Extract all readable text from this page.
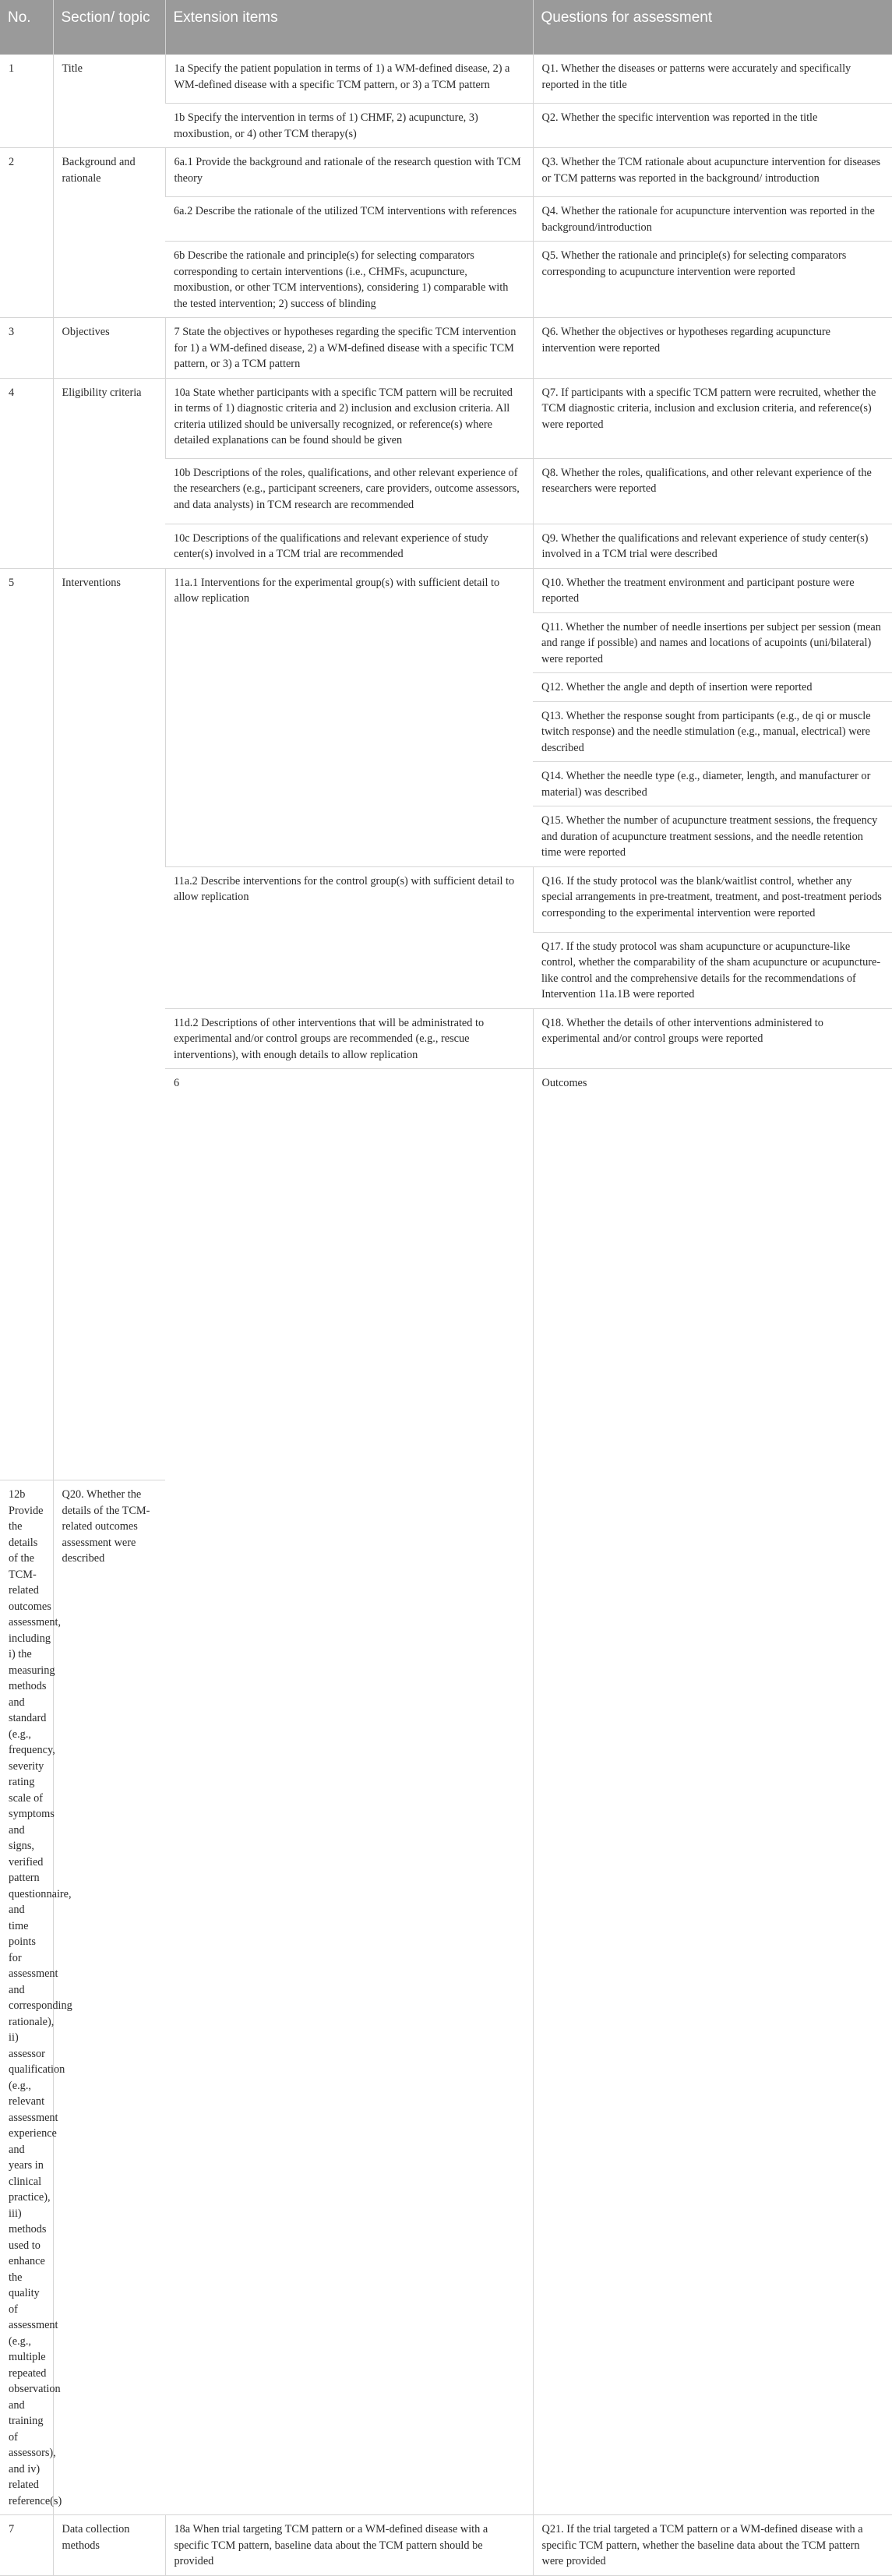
No.	Section/ topic	Extension items	Questions for assessment	
1	Title	1a Specify the patient population in terms of 1) a WM-defined disease, 2) a WM-defined disease with a specific TCM pattern, or 3) a TCM pattern	Q1. Whether the diseases or patterns were accurately and specifically reported in the title	
		1b Specify the intervention in terms of 1) CHMF, 2) acupuncture, 3) moxibustion, or 4) other TCM therapy(s)	Q2. Whether the specific intervention was reported in the title	
2	Background and rationale	6a.1 Provide the background and rationale of the research question with TCM theory	Q3. Whether the TCM rationale about acupuncture intervention for diseases or TCM patterns was reported in the background/ introduction	
		6a.2 Describe the rationale of the utilized TCM interventions with references	Q4. Whether the rationale for acupuncture intervention was reported in the background/introduction	
		6b Describe the rationale and principle(s) for selecting comparators corresponding to certain interventions (i.e., CHMFs, acupuncture, moxibustion, or other TCM interventions), considering 1) comparable with the tested intervention; 2) success of blinding	Q5. Whether the rationale and principle(s) for selecting comparators corresponding to acupuncture intervention were reported	
3	Objectives	7 State the objectives or hypotheses regarding the specific TCM intervention for 1) a WM-defined disease, 2) a WM-defined disease with a specific TCM pattern, or 3) a TCM pattern	Q6. Whether the objectives or hypotheses regarding acupuncture intervention were reported	
4	Eligibility criteria	10a State whether participants with a specific TCM pattern will be recruited in terms of 1) diagnostic criteria and 2) inclusion and exclusion criteria. All criteria utilized should be universally recognized, or reference(s) where detailed explanations can be found should be given	Q7. If participants with a specific TCM pattern were recruited, whether the TCM diagnostic criteria, inclusion and exclusion criteria, and reference(s) were reported	
		10b Descriptions of the roles, qualifications, and other relevant experience of the researchers (e.g., participant screeners, care providers, outcome assessors, and data analysts) in TCM research are recommended	Q8. Whether the roles, qualifications, and other relevant experience of the researchers were reported	
		10c Descriptions of the qualifications and relevant experience of study center(s) involved in a TCM trial are recommended	Q9. Whether the qualifications and relevant experience of study center(s) involved in a TCM trial were described	
5	Interventions	11a.1 Interventions for the experimental group(s) with sufficient detail to allow replication	Q10. Whether the treatment environment and participant posture were reported	
			Q11. Whether the number of needle insertions per subject per session (mean and range if possible) and names and locations of acupoints (uni/bilateral) were reported	
			Q12. Whether the angle and depth of insertion were reported	
			Q13. Whether the response sought from participants (e.g., de qi or muscle twitch response) and the needle stimulation (e.g., manual, electrical) were described	
			Q14. Whether the needle type (e.g., diameter, length, and manufacturer or material) was described	
			Q15. Whether the number of acupuncture treatment sessions, the frequency and duration of acupuncture treatment sessions, and the needle retention time were reported	
		11a.2 Describe interventions for the control group(s) with sufficient detail to allow replication	Q16. If the study protocol was the blank/waitlist control, whether any special arrangements in pre-treatment, treatment, and post-treatment periods corresponding to the experimental intervention were reported	
			Q17. If the study protocol was sham acupuncture or acupuncture-like control, whether the comparability of the sham acupuncture or acupuncture-like control and the comprehensive details for the recommendations of Intervention 11a.1B were reported	
		11d.2 Descriptions of other interventions that will be administrated to experimental and/or control groups are recommended (e.g., rescue interventions), with enough details to allow replication	Q18. Whether the details of other interventions administered to experimental and/or control groups were reported	
		6	Outcomes		
12b Provide the details of the TCM-related outcomes assessment, including i) the measuring methods and standard (e.g., frequency, severity rating scale of symptoms and signs, verified pattern questionnaire, and time points for assessment and corresponding rationale), ii) assessor qualification (e.g., relevant assessment experience and years in clinical practice), iii) methods used to enhance the quality of assessment (e.g., multiple repeated observation and training of assessors), and iv) related reference(s)	Q20. Whether the details of the TCM-related outcomes assessment were described			
7	Data collection methods	18a When trial targeting TCM pattern or a WM-defined disease with a specific TCM pattern, baseline data about the TCM pattern should be provided	Q21. If the trial targeted a TCM pattern or a WM-defined disease with a specific TCM pattern, whether the baseline data about the TCM pattern were provided	
